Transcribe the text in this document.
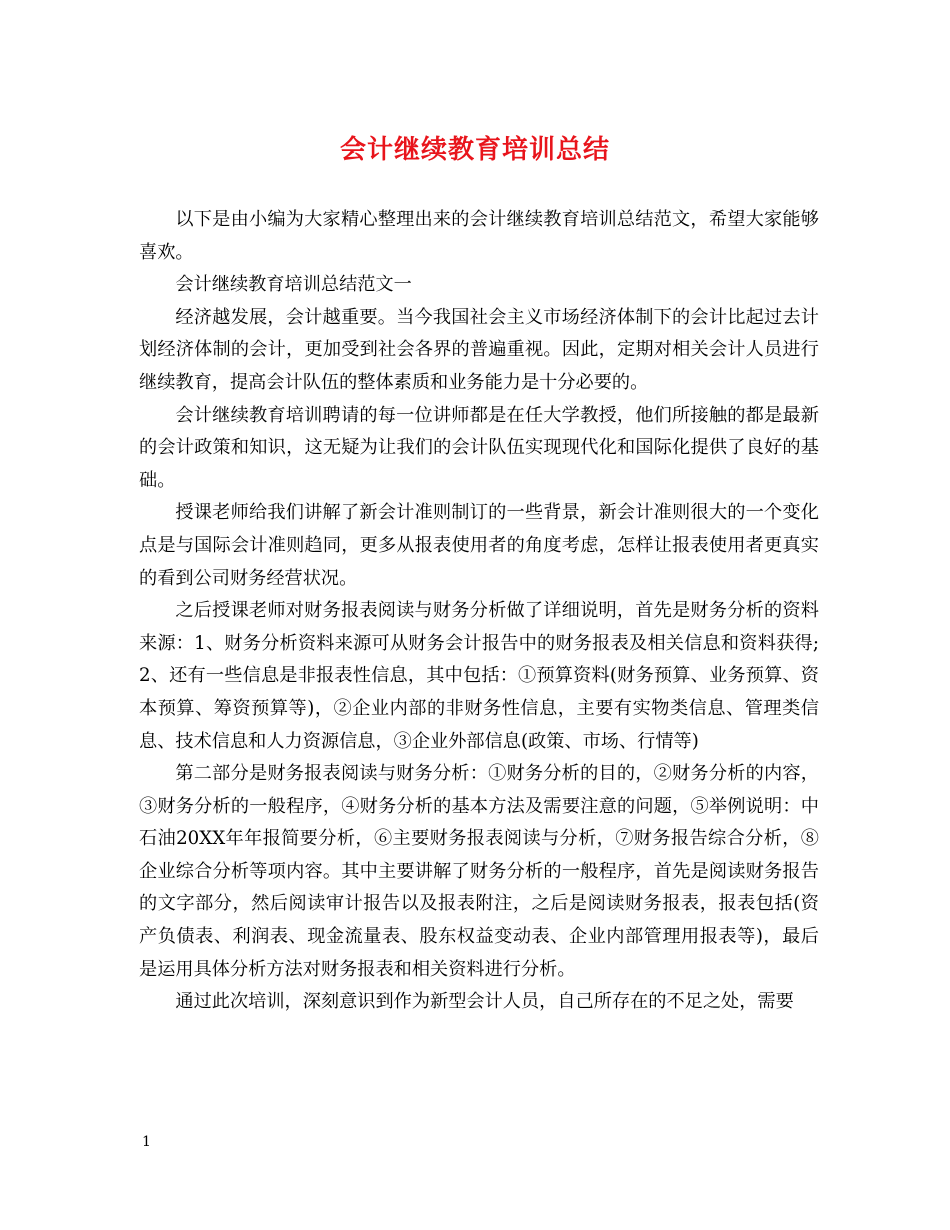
会计继续教育培训总结

以下是由小编为大家精心整理出来的会计继续教育培训总结范文，希望大家能够喜欢。

会计继续教育培训总结范文一

经济越发展，会计越重要。当今我国社会主义市场经济体制下的会计比起过去计划经济体制的会计，更加受到社会各界的普遍重视。因此，定期对相关会计人员进行继续教育，提高会计队伍的整体素质和业务能力是十分必要的。

会计继续教育培训聘请的每一位讲师都是在任大学教授，他们所接触的都是最新的会计政策和知识，这无疑为让我们的会计队伍实现现代化和国际化提供了良好的基础。

授课老师给我们讲解了新会计准则制订的一些背景，新会计准则很大的一个变化点是与国际会计准则趋同，更多从报表使用者的角度考虑，怎样让报表使用者更真实的看到公司财务经营状况。

之后授课老师对财务报表阅读与财务分析做了详细说明，首先是财务分析的资料来源：1、财务分析资料来源可从财务会计报告中的财务报表及相关信息和资料获得;2、还有一些信息是非报表性信息，其中包括：①预算资料(财务预算、业务预算、资本预算、筹资预算等)，②企业内部的非财务性信息，主要有实物类信息、管理类信息、技术信息和人力资源信息，③企业外部信息(政策、市场、行情等)

第二部分是财务报表阅读与财务分析：①财务分析的目的，②财务分析的内容，③财务分析的一般程序，④财务分析的基本方法及需要注意的问题，⑤举例说明：中石油20XX年年报简要分析，⑥主要财务报表阅读与分析，⑦财务报告综合分析，⑧企业综合分析等项内容。其中主要讲解了财务分析的一般程序，首先是阅读财务报告的文字部分，然后阅读审计报告以及报表附注，之后是阅读财务报表，报表包括(资产负债表、利润表、现金流量表、股东权益变动表、企业内部管理用报表等)，最后是运用具体分析方法对财务报表和相关资料进行分析。

通过此次培训，深刻意识到作为新型会计人员，自己所存在的不足之处，需要

1
